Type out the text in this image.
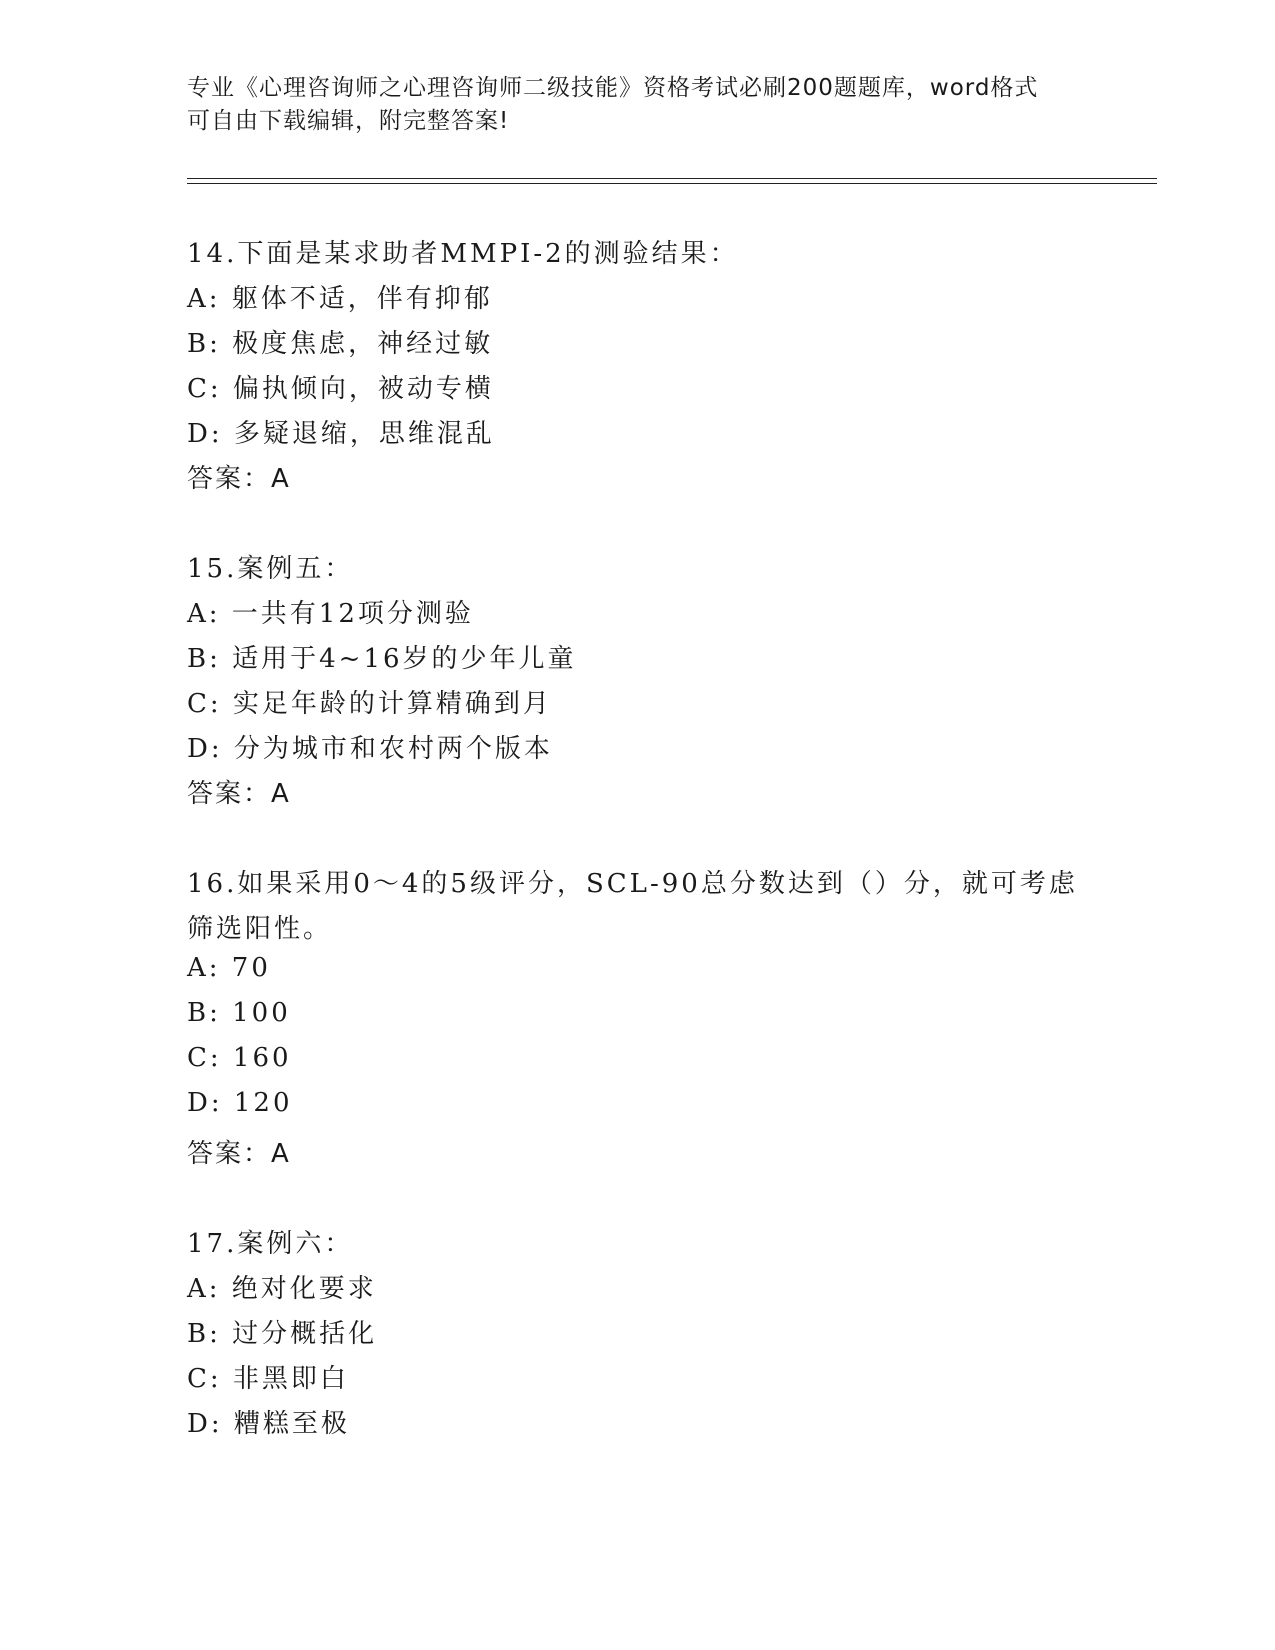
专业《心理咨询师之心理咨询师二级技能》资格考试必刷200题题库，word格式
可自由下载编辑，附完整答案!
14.下面是某求助者MMPI-2的测验结果：
A: 躯体不适，伴有抑郁
B: 极度焦虑，神经过敏
C: 偏执倾向，被动专横
D: 多疑退缩，思维混乱
答案：A
15.案例五：
A: 一共有12项分测验
B: 适用于4~16岁的少年儿童
C: 实足年龄的计算精确到月
D: 分为城市和农村两个版本
答案：A
16.如果采用0～4的5级评分，SCL-90总分数达到（）分，就可考虑
筛选阳性。
A: 70
B: 100
C: 160
D: 120
答案：A
17.案例六：
A: 绝对化要求
B: 过分概括化
C: 非黑即白
D: 糟糕至极
